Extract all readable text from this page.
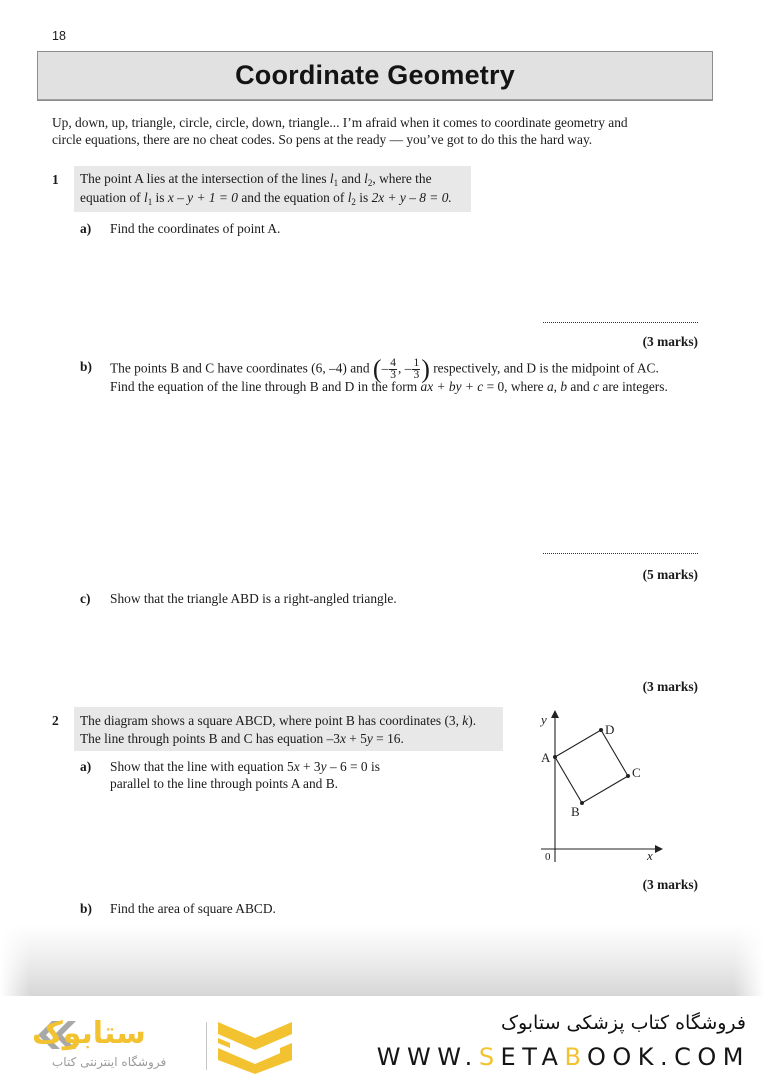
18
Coordinate Geometry
Up, down, up, triangle, circle, circle, down, triangle... I’m afraid when it comes to coordinate geometry and
circle equations, there are no cheat codes. So pens at the ready — you’ve got to do this the hard way.
1 The point A lies at the intersection of the lines $l_1$ and $l_2$, where the
equation of $l_1$ is x – y + 1 = 0 and the equation of $l_2$ is 2x + y – 8 = 0.
a) Find the coordinates of point A.
(3 marks)
b) The points B and C have coordinates (6, –4) and (– $\frac{4}{3}$ , – $\frac{1}{3}$ ) respectively, and D is the midpoint of AC.
Find the equation of the line through B and D in the form ax + by + c = 0, where a, b and c are integers.
(5 marks)
c) Show that the triangle ABD is a right-angled triangle.
(3 marks)
2 The diagram shows a square ABCD, where point B has coordinates (3, k).
The line through points B and C has equation –3x + 5y = 16.
a) Show that the line with equation 5x + 3y – 6 = 0 is
parallel to the line through points A and B.
y
x
0
A
D
C
B
(3 marks)
b) Find the area of square ABCD.
ستابوک
فروشگاه اینترنتی کتاب
فروشگاه کتاب پزشکی ستابوک
WWW.SETABOOK.COM
